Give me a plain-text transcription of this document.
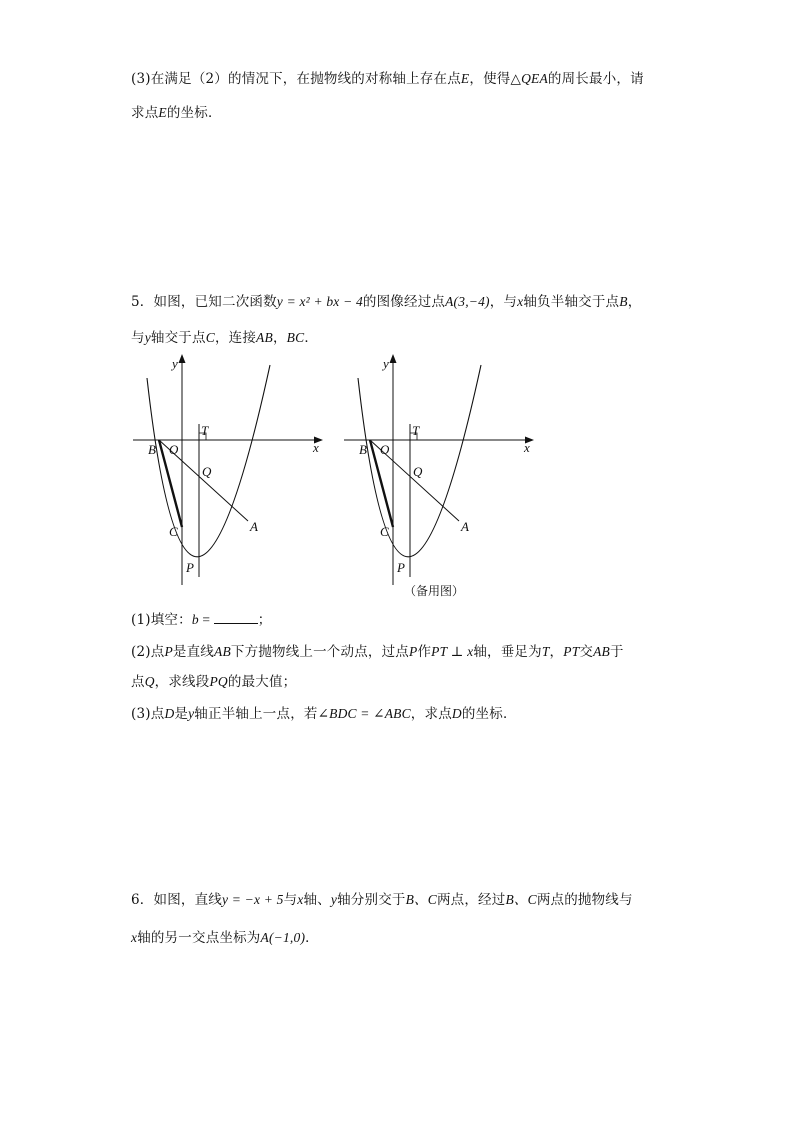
(3)在满足（2）的情况下，在抛物线的对称轴上存在点E，使得△QEA的周长最小，请
求点E的坐标．
5．如图，已知二次函数y = x² + bx − 4的图像经过点A(3,−4)，与x轴负半轴交于点B，
与y轴交于点C，连接AB，BC．
y
x
B O
T
Q
C	A
P
y
x
B O
T
Q
C	A
P
（备用图）
(1)填空：b =	；
(2)点P是直线AB下方抛物线上一个动点，过点P作PT ⊥ x轴，垂足为T，PT交AB于
点Q，求线段PQ的最大值；
(3)点D是y轴正半轴上一点，若∠BDC = ∠ABC，求点D的坐标．
6．如图，直线y = −x + 5与x轴、y轴分别交于B、C两点，经过B、C两点的抛物线与
x轴的另一交点坐标为A(−1,0)．
